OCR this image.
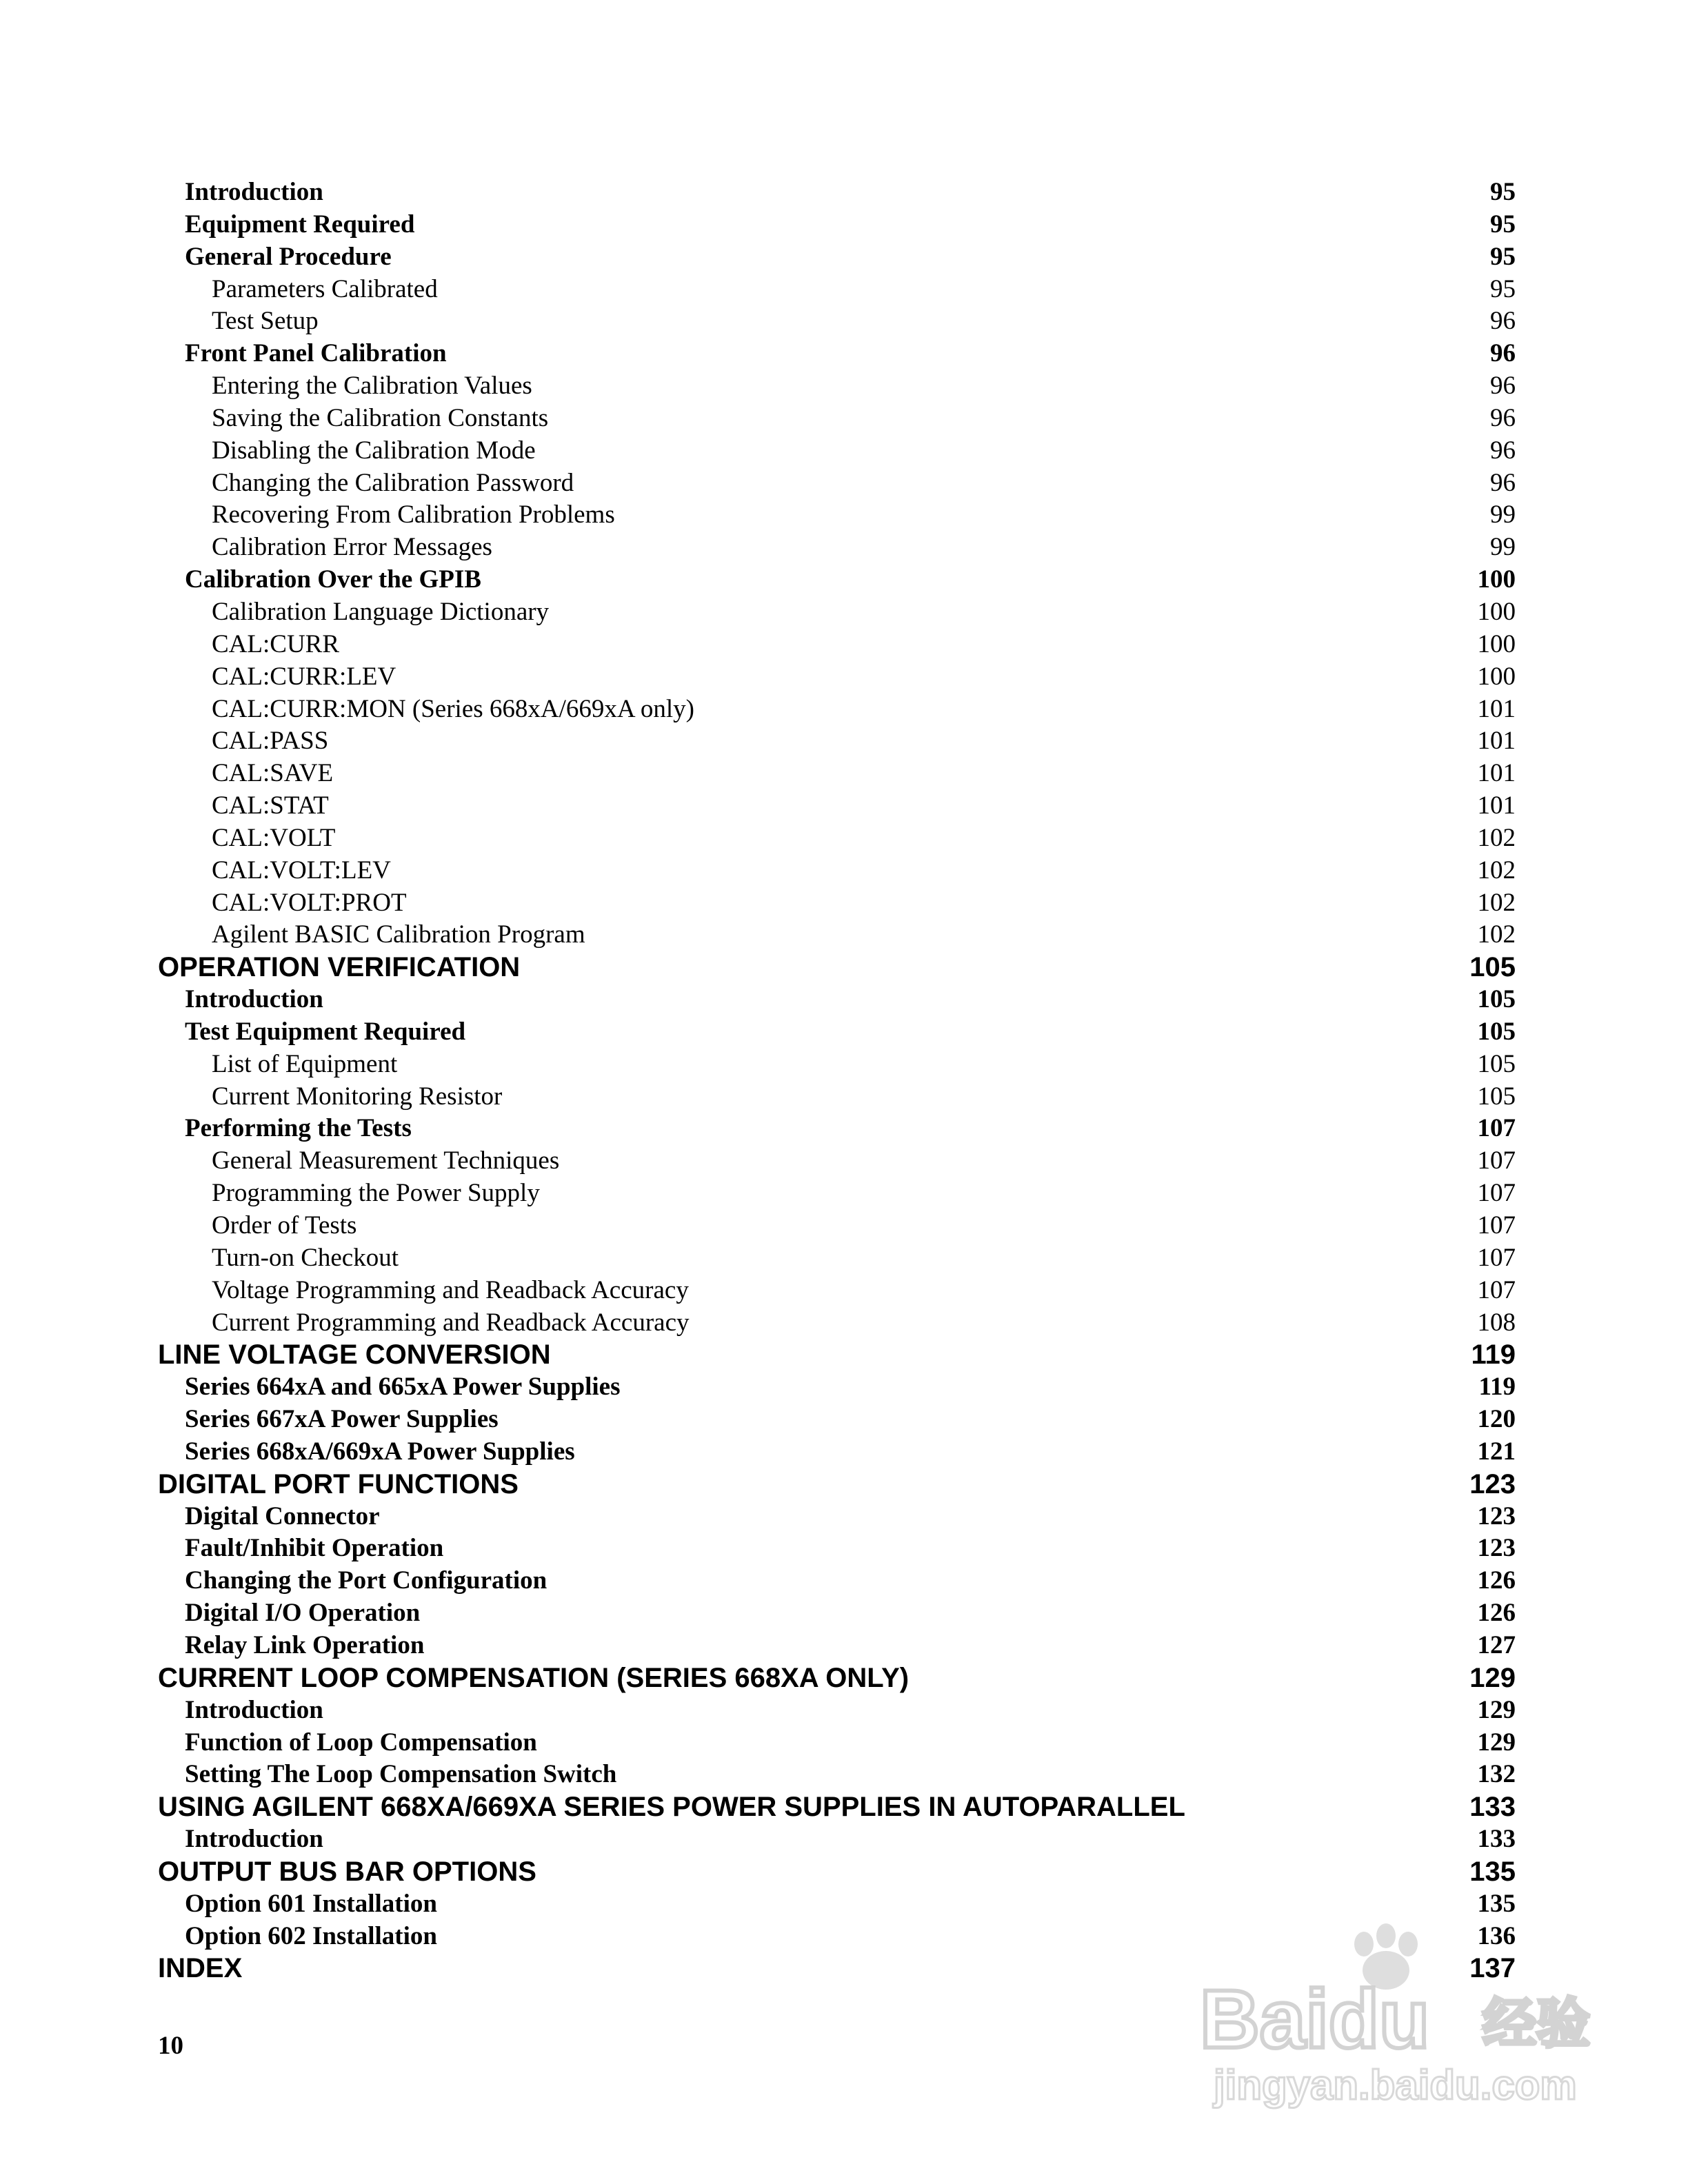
Introduction	95
Equipment Required	95
General Procedure	95
Parameters Calibrated	95
Test Setup	96
Front Panel Calibration	96
Entering the Calibration Values	96
Saving the Calibration Constants	96
Disabling the Calibration Mode	96
Changing the Calibration Password	96
Recovering From Calibration Problems	99
Calibration Error Messages	99
Calibration Over the GPIB	100
Calibration Language Dictionary	100
CAL:CURR	100
CAL:CURR:LEV	100
CAL:CURR:MON (Series 668xA/669xA only)	101
CAL:PASS	101
CAL:SAVE	101
CAL:STAT	101
CAL:VOLT	102
CAL:VOLT:LEV	102
CAL:VOLT:PROT	102
Agilent BASIC Calibration Program	102
OPERATION VERIFICATION	105
Introduction	105
Test Equipment Required	105
List of Equipment	105
Current Monitoring Resistor	105
Performing the Tests	107
General Measurement Techniques	107
Programming the Power Supply	107
Order of Tests	107
Turn-on Checkout	107
Voltage Programming and Readback Accuracy	107
Current Programming and Readback Accuracy	108
LINE VOLTAGE CONVERSION	119
Series 664xA and 665xA Power Supplies	119
Series 667xA Power Supplies	120
Series 668xA/669xA Power Supplies	121
DIGITAL PORT FUNCTIONS	123
Digital Connector	123
Fault/Inhibit Operation	123
Changing the Port Configuration	126
Digital I/O Operation	126
Relay Link Operation	127
CURRENT LOOP COMPENSATION (SERIES 668XA ONLY)	129
Introduction	129
Function of Loop Compensation	129
Setting The Loop Compensation Switch	132
USING AGILENT 668XA/669XA SERIES POWER SUPPLIES IN AUTOPARALLEL	133
Introduction	133
OUTPUT BUS BAR OPTIONS	135
Option 601 Installation	135
Option 602 Installation	136
INDEX	137
10	Baidu 经验
jingyan.baidu.com
